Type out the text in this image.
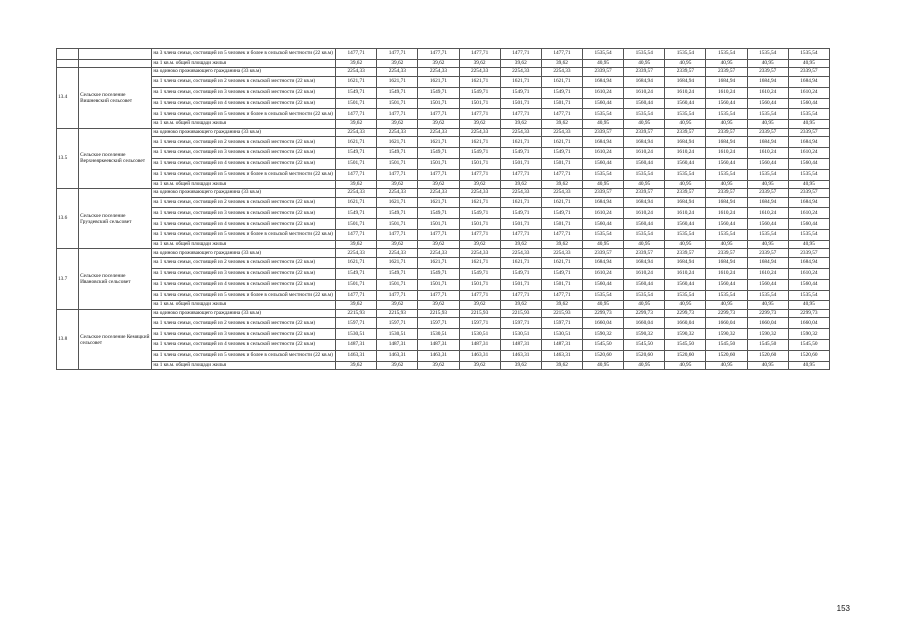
		на 3 члена семьи, состоящей из 5 человек и более в сельской местности (22 кв.м)	1477,71	1477,71	1477,71	1477,71	1477,71	1477,71	1535,54	1535,54	1535,54	1535,54	1535,54	1535,54
		на 1 кв.м. общей площади жилья	39,62	39,62	39,62	39,62	39,62	39,62	40,95	40,95	40,95	40,95	40,95	40,95
13.4	Сельское поселение Вишневский сельсовет	на одиноко проживающего гражданина (33 кв.м)	2254,33	2254,33	2254,33	2254,33	2254,33	2254,33	2339,57	2339,57	2339,57	2339,57	2339,57	2339,57
		на 1 члена семьи, состоящей из 2 человек в сельской местности (22 кв.м)	1621,71	1621,71	1621,71	1621,71	1621,71	1621,71	1684,94	1684,94	1684,94	1684,94	1684,94	1684,94
		на 1 члена семьи, состоящей из 3 человек в сельской местности (22 кв.м)	1549,71	1549,71	1549,71	1549,71	1549,71	1549,71	1610,24	1610,24	1610,24	1610,24	1610,24	1610,24
		на 1 члена семьи, состоящей из 4 человек в сельской местности (22 кв.м)	1501,71	1501,71	1501,71	1501,71	1501,71	1501,71	1560,44	1560,44	1560,44	1560,44	1560,44	1560,44
		на 1 члена семьи, состоящей из 5 человек и более в сельской местности (22 кв.м)	1477,71	1477,71	1477,71	1477,71	1477,71	1477,71	1535,54	1535,54	1535,54	1535,54	1535,54	1535,54
		на 1 кв.м. общей площади жилья	39,62	39,62	39,62	39,62	39,62	39,62	40,95	40,95	40,95	40,95	40,95	40,95
13.5	Сельское поселение Верхнеяркеевский сельсовет	на одиноко проживающего гражданина (33 кв.м)	2254,33	2254,33	2254,33	2254,33	2254,33	2254,33	2339,57	2339,57	2339,57	2339,57	2339,57	2339,57
		на 1 члена семьи, состоящей из 2 человек в сельской местности (22 кв.м)	1621,71	1621,71	1621,71	1621,71	1621,71	1621,71	1684,94	1684,94	1684,94	1684,94	1684,94	1684,94
		на 1 члена семьи, состоящей из 3 человек в сельской местности (22 кв.м)	1549,71	1549,71	1549,71	1549,71	1549,71	1549,71	1610,24	1610,24	1610,24	1610,24	1610,24	1610,24
		на 1 члена семьи, состоящей из 4 человек в сельской местности (22 кв.м)	1501,71	1501,71	1501,71	1501,71	1501,71	1501,71	1560,44	1560,44	1560,44	1560,44	1560,44	1560,44
		на 1 члена семьи, состоящей из 5 человек и более в сельской местности (22 кв.м)	1477,71	1477,71	1477,71	1477,71	1477,71	1477,71	1535,54	1535,54	1535,54	1535,54	1535,54	1535,54
		на 1 кв.м. общей площади жилья	39,62	39,62	39,62	39,62	39,62	39,62	40,95	40,95	40,95	40,95	40,95	40,95
13.6	Сельское поселение Груздевский сельсовет	на одиноко проживающего гражданина (33 кв.м)	2254,33	2254,33	2254,33	2254,33	2254,33	2254,33	2339,57	2339,57	2339,57	2339,57	2339,57	2339,57
		на 1 члена семьи, состоящей из 2 человек в сельской местности (22 кв.м)	1621,71	1621,71	1621,71	1621,71	1621,71	1621,71	1684,94	1684,94	1684,94	1684,94	1684,94	1684,94
		на 1 члена семьи, состоящей из 3 человек в сельской местности (22 кв.м)	1549,71	1549,71	1549,71	1549,71	1549,71	1549,71	1610,24	1610,24	1610,24	1610,24	1610,24	1610,24
		на 1 члена семьи, состоящей из 4 человек в сельской местности (22 кв.м)	1501,71	1501,71	1501,71	1501,71	1501,71	1501,71	1560,44	1560,44	1560,44	1560,44	1560,44	1560,44
		на 1 члена семьи, состоящей из 5 человек и более в сельской местности (22 кв.м)	1477,71	1477,71	1477,71	1477,71	1477,71	1477,71	1535,54	1535,54	1535,54	1535,54	1535,54	1535,54
		на 1 кв.м. общей площади жилья	39,62	39,62	39,62	39,62	39,62	39,62	40,95	40,95	40,95	40,95	40,95	40,95
13.7	Сельское поселение Ивановский сельсовет	на одиноко проживающего гражданина (33 кв.м)	2254,33	2254,33	2254,33	2254,33	2254,33	2254,33	2339,57	2339,57	2339,57	2339,57	2339,57	2339,57
		на 1 члена семьи, состоящей из 2 человек в сельской местности (22 кв.м)	1621,71	1621,71	1621,71	1621,71	1621,71	1621,71	1684,94	1684,94	1684,94	1684,94	1684,94	1684,94
		на 1 члена семьи, состоящей из 3 человек в сельской местности (22 кв.м)	1549,71	1549,71	1549,71	1549,71	1549,71	1549,71	1610,24	1610,24	1610,24	1610,24	1610,24	1610,24
		на 1 члена семьи, состоящей из 4 человек в сельской местности (22 кв.м)	1501,71	1501,71	1501,71	1501,71	1501,71	1501,71	1560,44	1560,44	1560,44	1560,44	1560,44	1560,44
		на 1 члена семьи, состоящей из 5 человек и более в сельской местности (22 кв.м)	1477,71	1477,71	1477,71	1477,71	1477,71	1477,71	1535,54	1535,54	1535,54	1535,54	1535,54	1535,54
		на 1 кв.м. общей площади жилья	39,62	39,62	39,62	39,62	39,62	39,62	40,95	40,95	40,95	40,95	40,95	40,95
13.8	Сельское поселение Кемяцкий сельсовет	на одиноко проживающего гражданина (33 кв.м)	2215,93	2215,93	2215,93	2215,93	2215,93	2215,93	2299,73	2299,73	2299,73	2299,73	2299,73	2299,73
		на 1 члена семьи, состоящей из 2 человек в сельской местности (22 кв.м)	1597,71	1597,71	1597,71	1597,71	1597,71	1597,71	1660,04	1660,04	1660,04	1660,04	1660,04	1660,04
		на 1 члена семьи, состоящей из 3 человек в сельской местности (22 кв.м)	1530,51	1530,51	1530,51	1530,51	1530,51	1530,51	1590,32	1590,32	1590,32	1590,32	1590,32	1590,32
		на 1 члена семьи, состоящей из 4 человек в сельской местности (22 кв.м)	1487,31	1487,31	1487,31	1487,31	1487,31	1487,31	1545,50	1545,50	1545,50	1545,50	1545,50	1545,50
		на 1 члена семьи, состоящей из 5 человек и более в сельской местности (22 кв.м)	1463,31	1463,31	1463,31	1463,31	1463,31	1463,31	1520,60	1520,60	1520,60	1520,60	1520,60	1520,60
		на 1 кв.м. общей площади жилья	39,62	39,62	39,62	39,62	39,62	39,62	40,95	40,95	40,95	40,95	40,95	40,95
153
